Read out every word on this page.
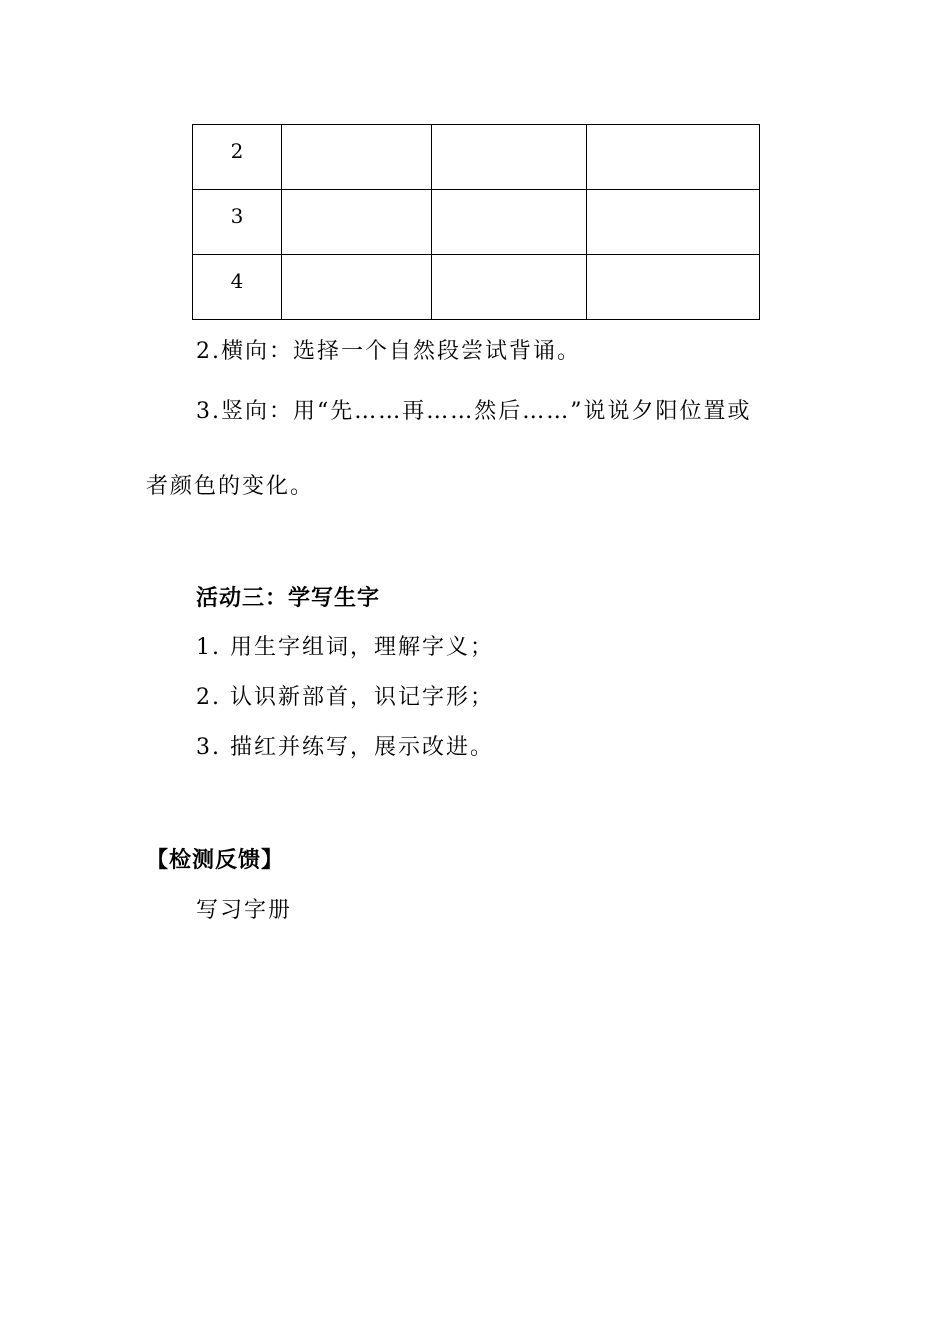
2			
3			
4			
2.横向：选择一个自然段尝试背诵。
3.竖向：用“先……再……然后……”说说夕阳位置或
者颜色的变化。
活动三：学写生字
1. 用生字组词，理解字义；
2. 认识新部首，识记字形；
3. 描红并练写，展示改进。
【检测反馈】
写习字册
